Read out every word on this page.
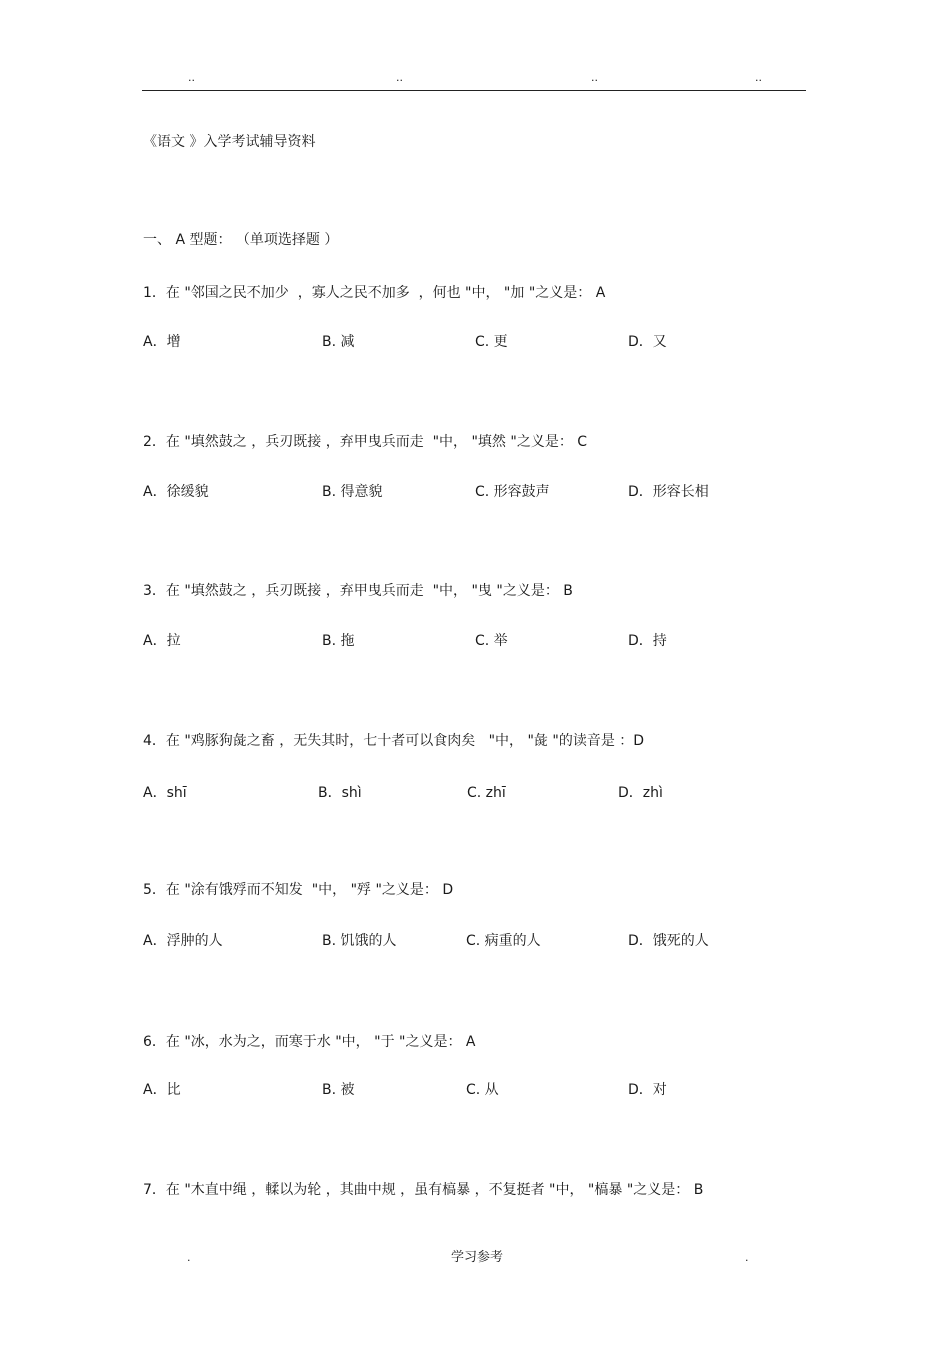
..	..	..	..
《语文 》入学考试辅导资料
一、 A 型题： （单项选择题 ）
1．在 "邻国之民不加少  ，寡人之民不加多  ，何也 "中， "加 "之义是： A
A．增	B. 减	C. 更	D．又
2．在 "填然鼓之 ，兵刃既接 ，弃甲曳兵而走  "中， "填然 "之义是： C
A．徐缓貌	B. 得意貌	C. 形容鼓声	D．形容长相
3．在 "填然鼓之 ，兵刃既接 ，弃甲曳兵而走  "中， "曳 "之义是： B
A．拉	B. 拖	C. 举	D．持
4．在 "鸡豚狗彘之畜 ，无失其时，七十者可以食肉矣   "中， "彘 "的读音是 ：D
A．shī	B．shì	C. zhī	D．zhì
5．在 "涂有饿殍而不知发  "中， "殍 "之义是： D
A．浮肿的人	B. 饥饿的人	C. 病重的人	D．饿死的人
6．在 "冰，水为之，而寒于水 "中， "于 "之义是： A
A．比	B. 被	C. 从	D．对
7．在 "木直中绳 ，輮以为轮 ，其曲中规 ，虽有槁暴 ，不复挺者 "中， "槁暴 "之义是： B
.	学习参考	.
